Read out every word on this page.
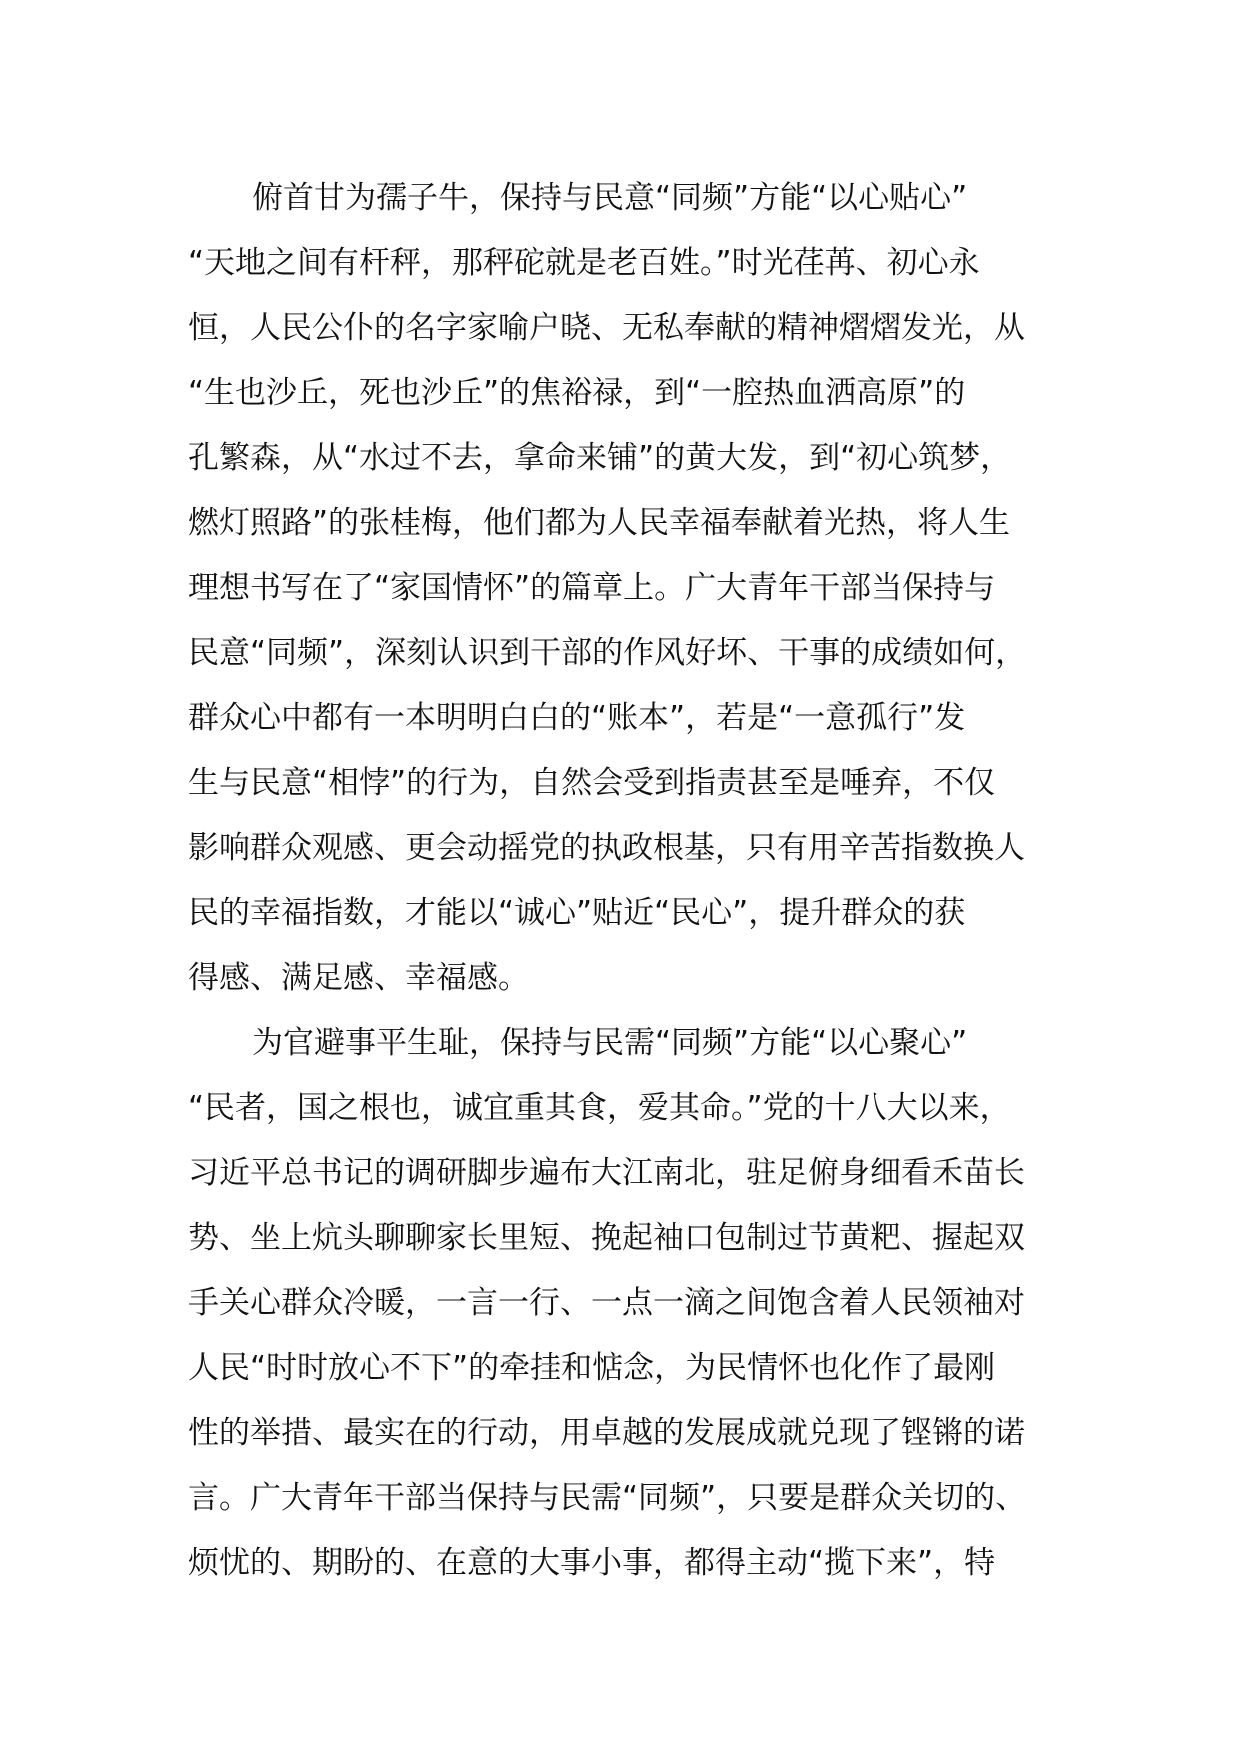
俯首甘为孺子牛，保持与民意“同频”方能“以心贴心”
“天地之间有杆秤，那秤砣就是老百姓。”时光荏苒、初心永
恒，人民公仆的名字家喻户晓、无私奉献的精神熠熠发光，从
“生也沙丘，死也沙丘”的焦裕禄，到“一腔热血洒高原”的
孔繁森，从“水过不去，拿命来铺”的黄大发，到“初心筑梦，
燃灯照路”的张桂梅，他们都为人民幸福奉献着光热，将人生
理想书写在了“家国情怀”的篇章上。广大青年干部当保持与
民意“同频”，深刻认识到干部的作风好坏、干事的成绩如何，
群众心中都有一本明明白白的“账本”，若是“一意孤行”发
生与民意“相悖”的行为，自然会受到指责甚至是唾弃，不仅
影响群众观感、更会动摇党的执政根基，只有用辛苦指数换人
民的幸福指数，才能以“诚心”贴近“民心”，提升群众的获
得感、满足感、幸福感。
为官避事平生耻，保持与民需“同频”方能“以心聚心”
“民者，国之根也，诚宜重其食，爱其命。”党的十八大以来，
习近平总书记的调研脚步遍布大江南北，驻足俯身细看禾苗长
势、坐上炕头聊聊家长里短、挽起袖口包制过节黄粑、握起双
手关心群众冷暖，一言一行、一点一滴之间饱含着人民领袖对
人民“时时放心不下”的牵挂和惦念，为民情怀也化作了最刚
性的举措、最实在的行动，用卓越的发展成就兑现了铿锵的诺
言。广大青年干部当保持与民需“同频”，只要是群众关切的、
烦忧的、期盼的、在意的大事小事，都得主动“揽下来”，特
